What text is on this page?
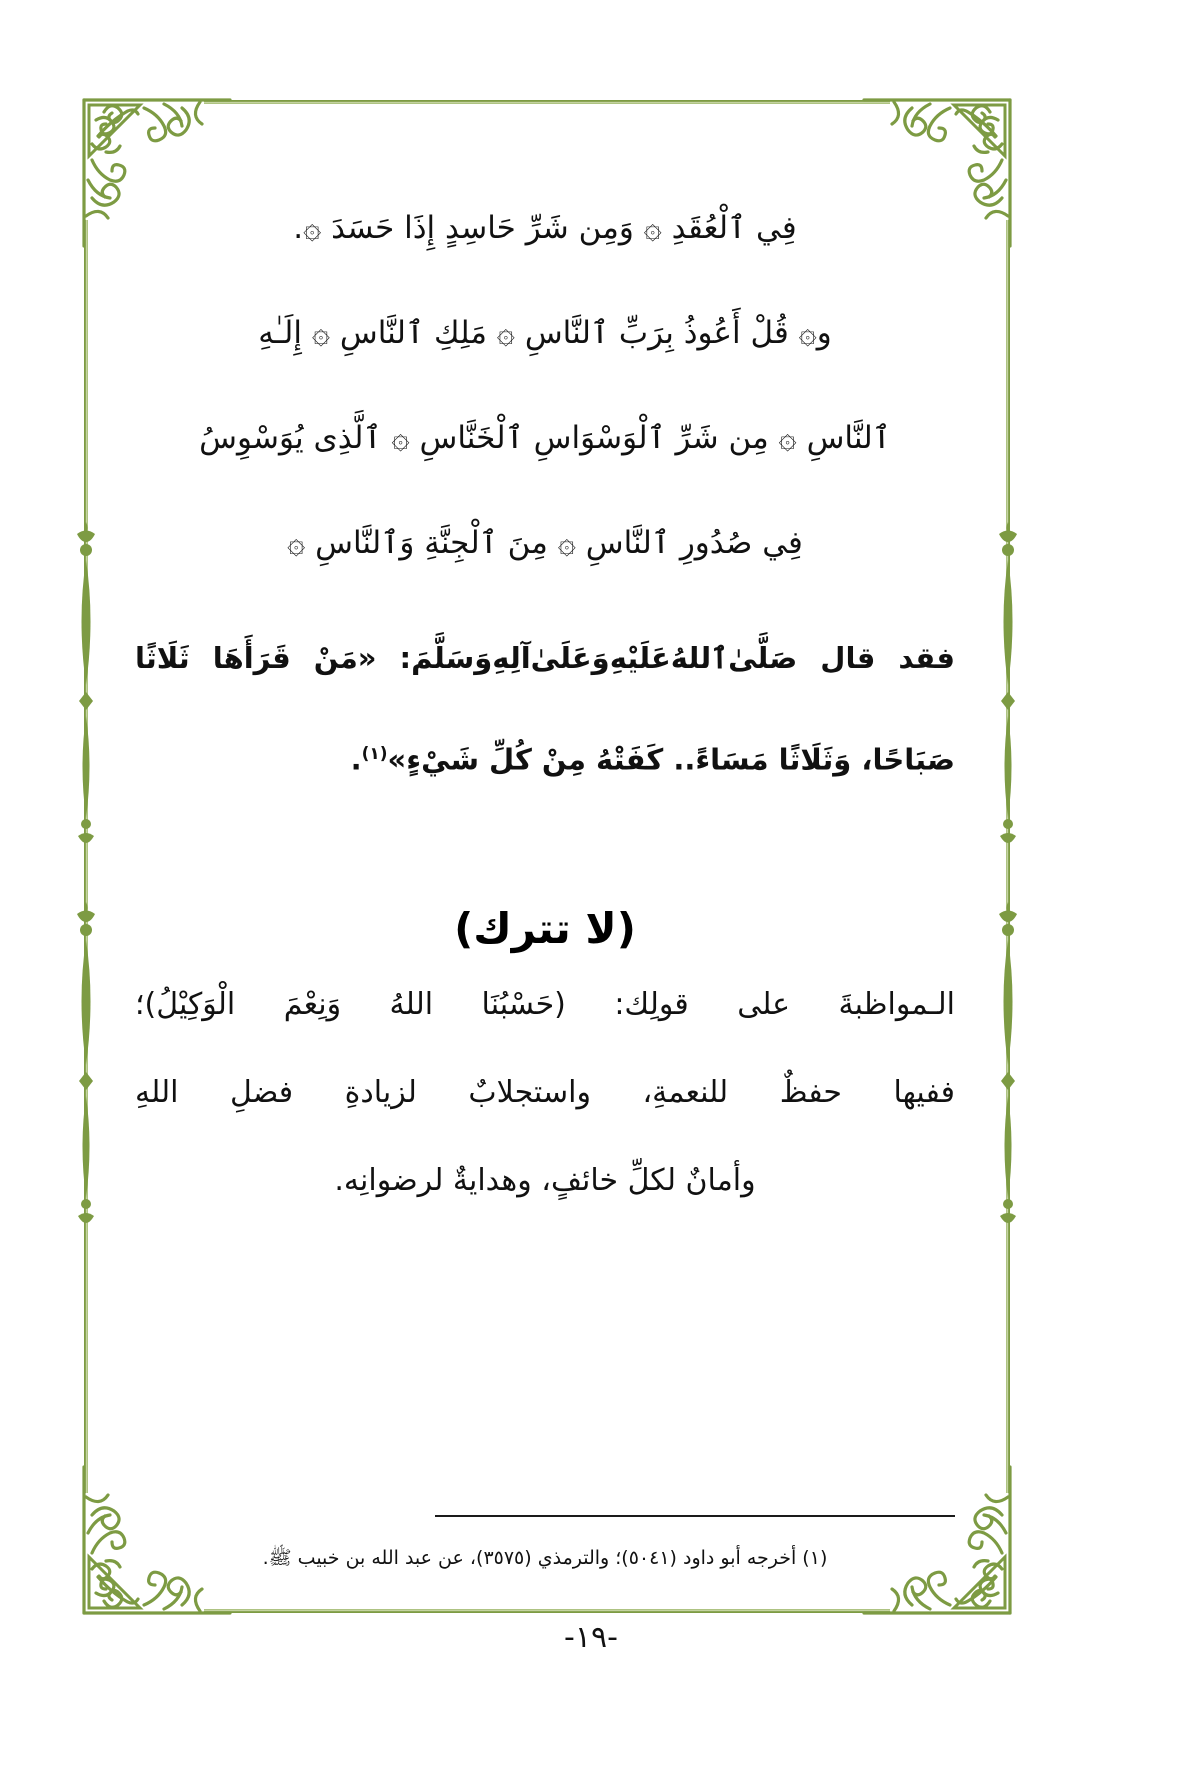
فِي ٱلْعُقَدِ ۞ وَمِن شَرِّ حَاسِدٍ إِذَا حَسَدَ ۞.
و۞ قُلْ أَعُوذُ بِرَبِّ ٱلنَّاسِ ۞ مَلِكِ ٱلنَّاسِ ۞ إِلَـٰهِ
ٱلنَّاسِ ۞ مِن شَرِّ ٱلْوَسْوَاسِ ٱلْخَنَّاسِ ۞ ٱلَّذِى يُوَسْوِسُ
فِي صُدُورِ ٱلنَّاسِ ۞ مِنَ ٱلْجِنَّةِ وَٱلنَّاسِ ۞
فقد قال صَلَّىٰ‌ٱللهُ‌عَلَيْهِ‌وَعَلَىٰ‌آلِهِ‌وَسَلَّمَ: «مَنْ قَرَأَهَا ثَلَاثًا
صَبَاحًا، وَثَلَاثًا مَسَاءً.. كَفَتْهُ مِنْ كُلِّ شَيْءٍ»$^{(١)}$.
(لا تترك)
الـمواظبةَ على قولِك: (حَسْبُنَا اللهُ وَنِعْمَ الْوَكِيْلُ)؛
ففيها حفظٌ للنعمةِ، واستجلابٌ لزيادةِ فضلِ اللهِ
وأمانٌ لكلِّ خائفٍ، وهدايةٌ لرضوانِه.
(١) أخرجه أبو داود (٥٠٤١)؛ والترمذي (٣٥٧٥)، عن عبد الله بن خبيب ﷺ.
-١٩-
